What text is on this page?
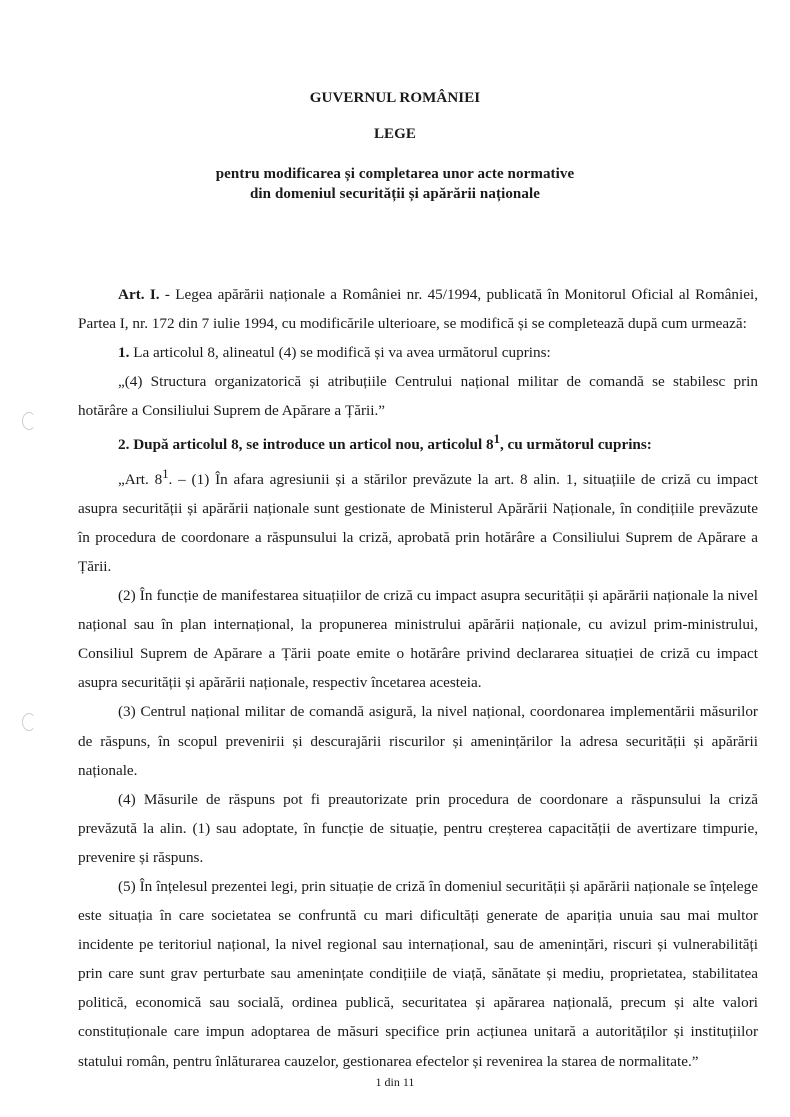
GUVERNUL ROMÂNIEI
LEGE
pentru modificarea și completarea unor acte normative
din domeniul securității și apărării naționale

Art. I. - Legea apărării naționale a României nr. 45/1994, publicată în Monitorul Oficial al României, Partea I, nr. 172 din 7 iulie 1994, cu modificările ulterioare, se modifică și se completează după cum urmează:

1. La articolul 8, alineatul (4) se modifică și va avea următorul cuprins:

„(4) Structura organizatorică și atribuțiile Centrului național militar de comandă se stabilesc prin hotărâre a Consiliului Suprem de Apărare a Țării.”

2. După articolul 8, se introduce un articol nou, articolul $8^1$, cu următorul cuprins:

„Art. $8^1$. – (1) În afara agresiunii și a stărilor prevăzute la art. 8 alin. 1, situațiile de criză cu impact asupra securității și apărării naționale sunt gestionate de Ministerul Apărării Naționale, în condițiile prevăzute în procedura de coordonare a răspunsului la criză, aprobată prin hotărâre a Consiliului Suprem de Apărare a Țării.

(2) În funcție de manifestarea situațiilor de criză cu impact asupra securității și apărării naționale la nivel național sau în plan internațional, la propunerea ministrului apărării naționale, cu avizul prim-ministrului, Consiliul Suprem de Apărare a Țării poate emite o hotărâre privind declararea situației de criză cu impact asupra securității și apărării naționale, respectiv încetarea acesteia.

(3) Centrul național militar de comandă asigură, la nivel național, coordonarea implementării măsurilor de răspuns, în scopul prevenirii și descurajării riscurilor și amenințărilor la adresa securității și apărării naționale.

(4) Măsurile de răspuns pot fi preautorizate prin procedura de coordonare a răspunsului la criză prevăzută la alin. (1) sau adoptate, în funcție de situație, pentru creșterea capacității de avertizare timpurie, prevenire și răspuns.

(5) În înțelesul prezentei legi, prin situație de criză în domeniul securității și apărării naționale se înțelege este situația în care societatea se confruntă cu mari dificultăți generate de apariția unuia sau mai multor incidente pe teritoriul național, la nivel regional sau internațional, sau de amenințări, riscuri și vulnerabilități prin care sunt grav perturbate sau amenințate condițiile de viață, sănătate și mediu, proprietatea, stabilitatea politică, economică sau socială, ordinea publică, securitatea și apărarea națională, precum și alte valori constituționale care impun adoptarea de măsuri specifice prin acțiunea unitară a autorităților și instituțiilor statului român, pentru înlăturarea cauzelor, gestionarea efectelor și revenirea la starea de normalitate.”

1 din 11
